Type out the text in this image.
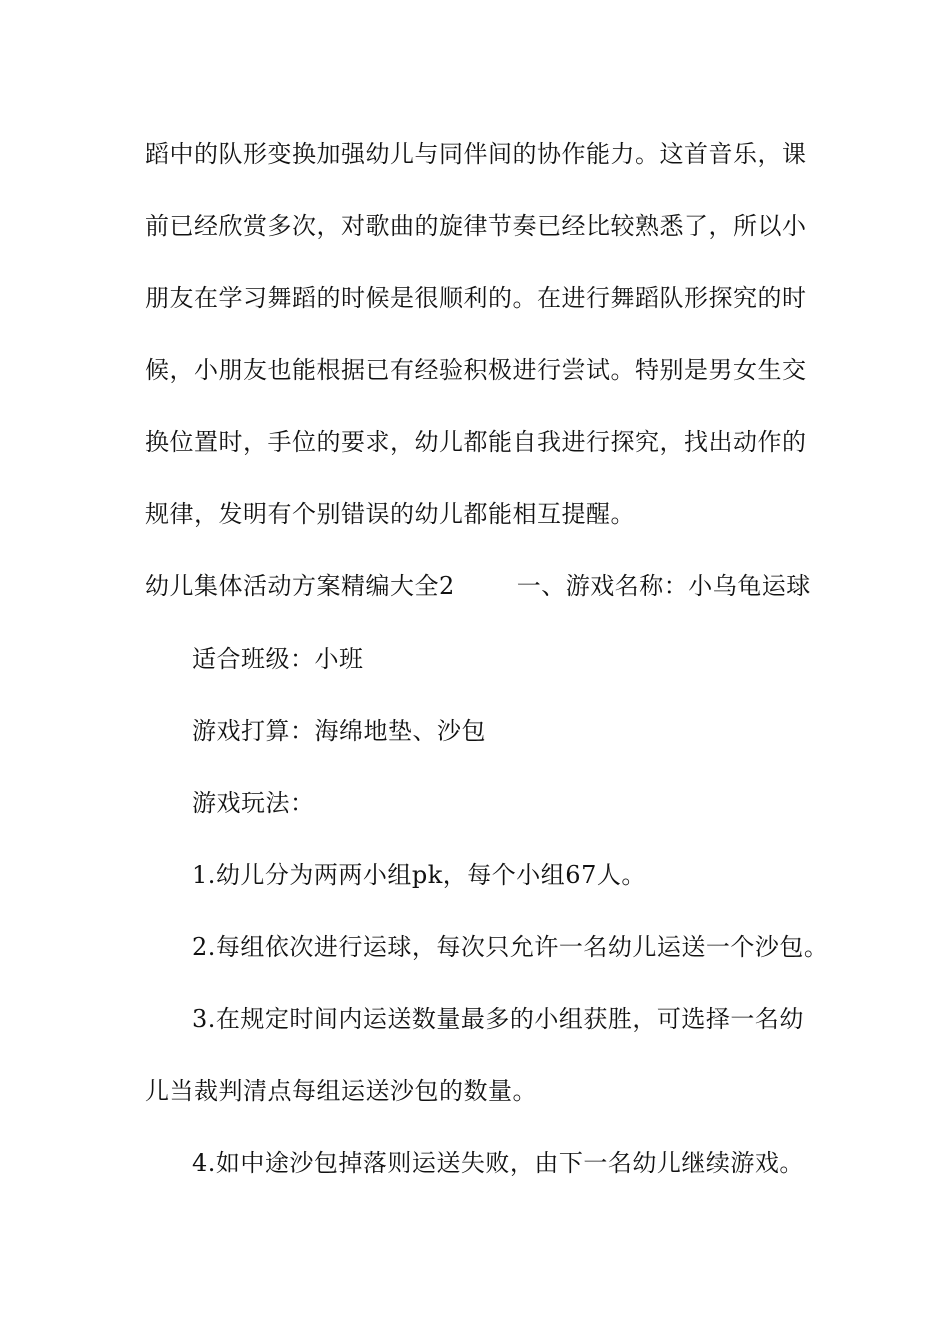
蹈中的队形变换加强幼儿与同伴间的协作能力。这首音乐，课
前已经欣赏多次，对歌曲的旋律节奏已经比较熟悉了，所以小
朋友在学习舞蹈的时候是很顺利的。在进行舞蹈队形探究的时
候，小朋友也能根据已有经验积极进行尝试。特别是男女生交
换位置时，手位的要求，幼儿都能自我进行探究，找出动作的
规律，发明有个别错误的幼儿都能相互提醒。
幼儿集体活动方案精编大全2	一、游戏名称：小乌龟运球
适合班级：小班
游戏打算：海绵地垫、沙包
游戏玩法：
1.幼儿分为两两小组pk，每个小组67人。
2.每组依次进行运球，每次只允许一名幼儿运送一个沙包。
3.在规定时间内运送数量最多的小组获胜，可选择一名幼
儿当裁判清点每组运送沙包的数量。
4.如中途沙包掉落则运送失败，由下一名幼儿继续游戏。
